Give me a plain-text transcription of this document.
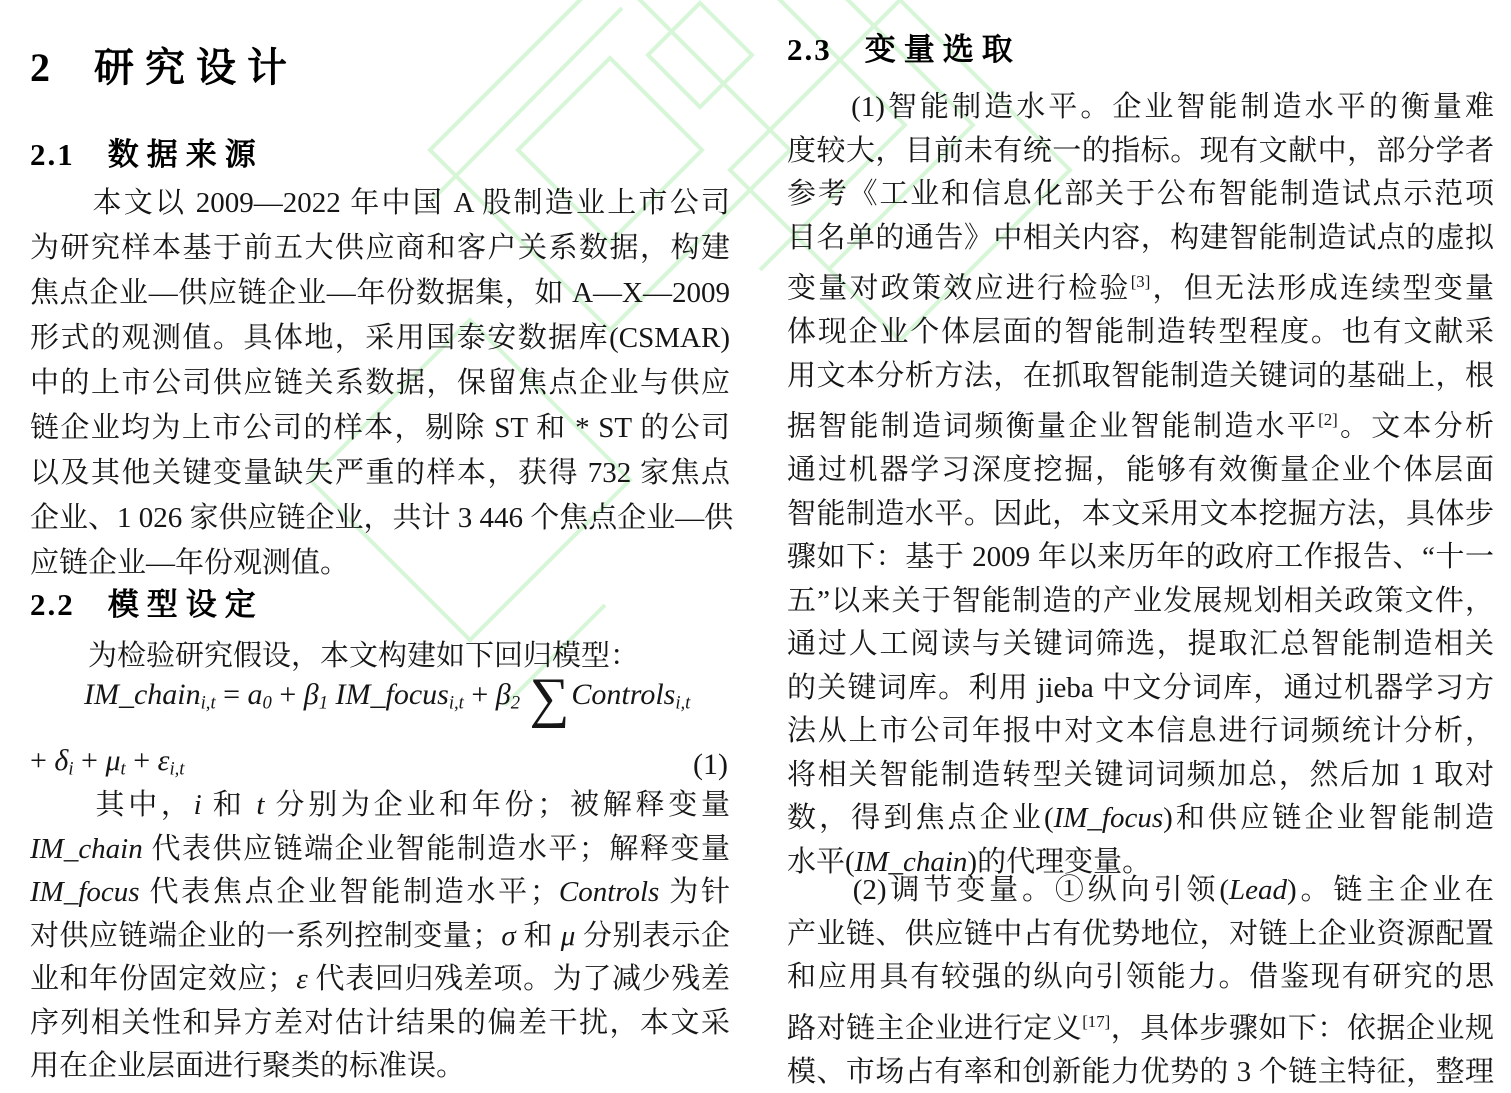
2 研究设计
2.1 数据来源
　　本文以 2009—2022 年中国 A 股制造业上市公司
为研究样本基于前五大供应商和客户关系数据，构建
焦点企业—供应链企业—年份数据集，如 A—X—2009
形式的观测值。具体地，采用国泰安数据库(CSMAR)
中的上市公司供应链关系数据，保留焦点企业与供应
链企业均为上市公司的样本，剔除 ST 和 * ST 的公司
以及其他关键变量缺失严重的样本，获得 732 家焦点
企业、1 026 家供应链企业，共计 3 446 个焦点企业—供
应链企业—年份观测值。
2.2 模型设定
　　为检验研究假设，本文构建如下回归模型：
IM_chain$_{i,t}$ = $a_0 + \beta_1$ IM_focus$_{i,t}$ + $\beta_2$ ∑Controls$_{i,t}$
+ $\delta_i + \mu_t + \varepsilon_{i,t}$	(1)
　　其中，i 和 t 分别为企业和年份；被解释变量
IM_chain 代表供应链端企业智能制造水平；解释变量
IM_focus 代表焦点企业智能制造水平；Controls 为针
对供应链端企业的一系列控制变量；σ 和 μ 分别表示企
业和年份固定效应；ε 代表回归残差项。为了减少残差
序列相关性和异方差对估计结果的偏差干扰，本文采
用在企业层面进行聚类的标准误。
2.3 变量选取
　　(1)智能制造水平。企业智能制造水平的衡量难
度较大，目前未有统一的指标。现有文献中，部分学者
参考《工业和信息化部关于公布智能制造试点示范项
目名单的通告》中相关内容，构建智能制造试点的虚拟
变量对政策效应进行检验[3]，但无法形成连续型变量
体现企业个体层面的智能制造转型程度。也有文献采
用文本分析方法，在抓取智能制造关键词的基础上，根
据智能制造词频衡量企业智能制造水平[2]。文本分析
通过机器学习深度挖掘，能够有效衡量企业个体层面
智能制造水平。因此，本文采用文本挖掘方法，具体步
骤如下：基于 2009 年以来历年的政府工作报告、“十一
五”以来关于智能制造的产业发展规划相关政策文件，
通过人工阅读与关键词筛选，提取汇总智能制造相关
的关键词库。利用 jieba 中文分词库，通过机器学习方
法从上市公司年报中对文本信息进行词频统计分析，
将相关智能制造转型关键词词频加总，然后加 1 取对
数，得到焦点企业(IM_focus)和供应链企业智能制造
水平(IM_chain)的代理变量。
　　(2)调节变量。①纵向引领(Lead)。链主企业在
产业链、供应链中占有优势地位，对链上企业资源配置
和应用具有较强的纵向引领能力。借鉴现有研究的思
路对链主企业进行定义[17]，具体步骤如下：依据企业规
模、市场占有率和创新能力优势的 3 个链主特征，整理
